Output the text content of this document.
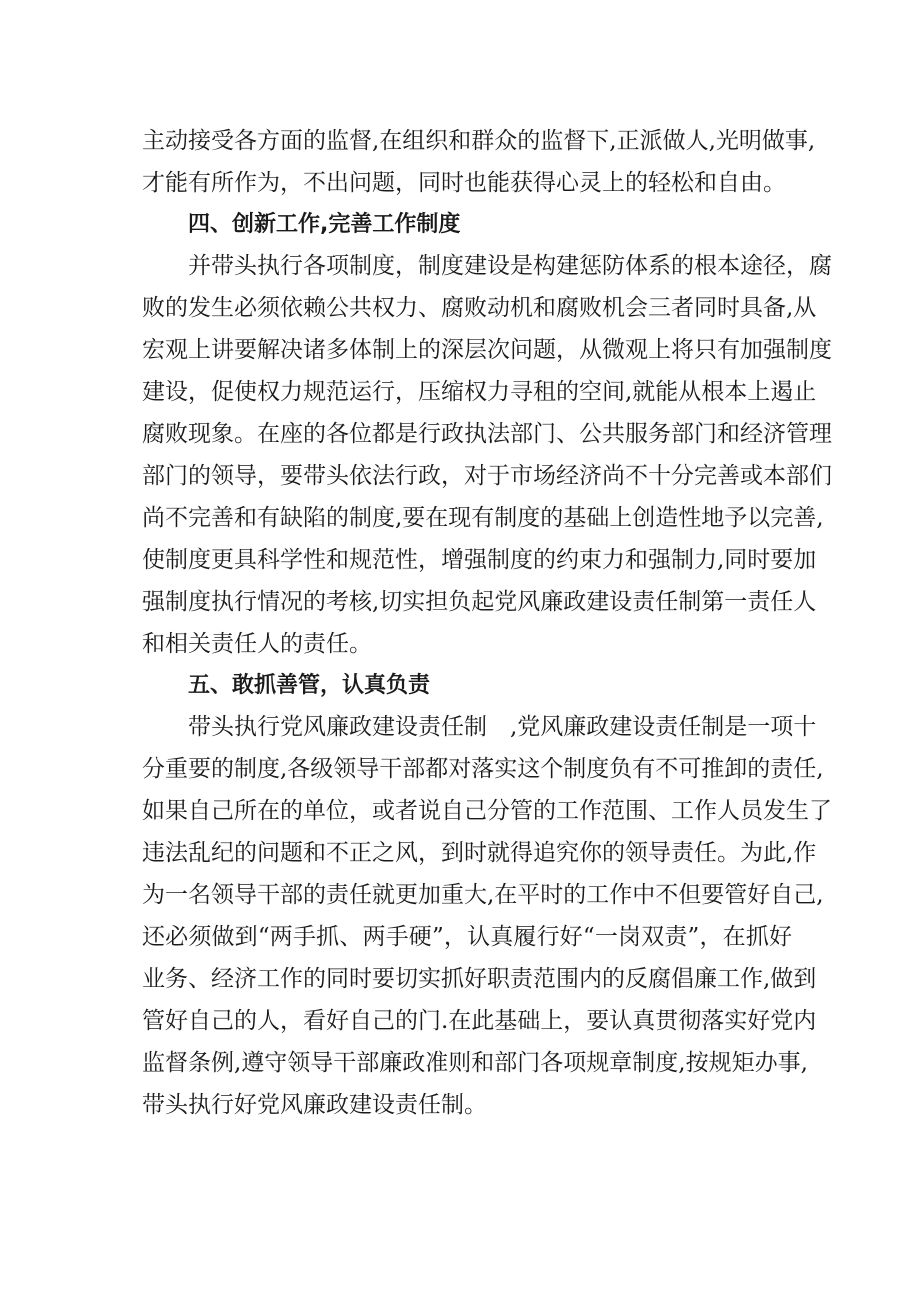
主动接受各方面的监督,在组织和群众的监督下,正派做人,光明做事,

才能有所作为，不出问题，同时也能获得心灵上的轻松和自由。

四、创新工作,完善工作制度

并带头执行各项制度，制度建设是构建惩防体系的根本途径，腐

败的发生必须依赖公共权力、腐败动机和腐败机会三者同时具备,从

宏观上讲要解决诸多体制上的深层次问题，从微观上将只有加强制度

建设，促使权力规范运行，压缩权力寻租的空间,就能从根本上遏止

腐败现象。在座的各位都是行政执法部门、公共服务部门和经济管理

部门的领导，要带头依法行政，对于市场经济尚不十分完善或本部们

尚不完善和有缺陷的制度,要在现有制度的基础上创造性地予以完善,

使制度更具科学性和规范性，增强制度的约束力和强制力,同时要加

强制度执行情况的考核,切实担负起党风廉政建设责任制第一责任人

和相关责任人的责任。

五、敢抓善管，认真负责

带头执行党风廉政建设责任制　,党风廉政建设责任制是一项十

分重要的制度,各级领导干部都对落实这个制度负有不可推卸的责任,

如果自己所在的单位，或者说自己分管的工作范围、工作人员发生了

违法乱纪的问题和不正之风，到时就得追究你的领导责任。为此,作

为一名领导干部的责任就更加重大,在平时的工作中不但要管好自己,

还必须做到“两手抓、两手硬”，认真履行好“一岗双责”，在抓好

业务、经济工作的同时要切实抓好职责范围内的反腐倡廉工作,做到

管好自己的人，看好自己的门.在此基础上，要认真贯彻落实好党内

监督条例,遵守领导干部廉政准则和部门各项规章制度,按规矩办事,

带头执行好党风廉政建设责任制。
